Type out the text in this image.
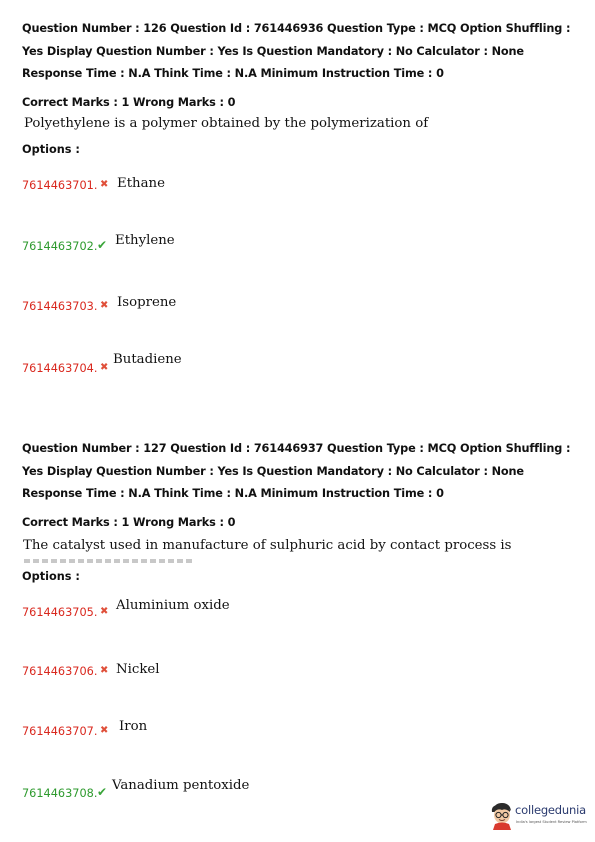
Question Number : 126 Question Id : 761446936 Question Type : MCQ Option Shuffling : Yes Display Question Number : Yes Is Question Mandatory : No Calculator : None Response Time : N.A Think Time : N.A Minimum Instruction Time : 0
Correct Marks : 1 Wrong Marks : 0
Polyethylene is a polymer obtained by the polymerization of
Options :
7614463701. ✖ Ethane
7614463702. ✔ Ethylene
7614463703. ✖ Isoprene
7614463704. ✖
Butadiene
Question Number : 127 Question Id : 761446937 Question Type : MCQ Option Shuffling : Yes Display Question Number : Yes Is Question Mandatory : No Calculator : None Response Time : N.A Think Time : N.A Minimum Instruction Time : 0
Correct Marks : 1 Wrong Marks : 0
The catalyst used in manufacture of sulphuric acid by contact process is
Options :
7614463705. ✖ Aluminium oxide
7614463706. ✖ Nickel
7614463707. ✖ Iron
7614463708. ✔ Vanadium pentoxide
collegedunia
India's largest Student Review Platform
